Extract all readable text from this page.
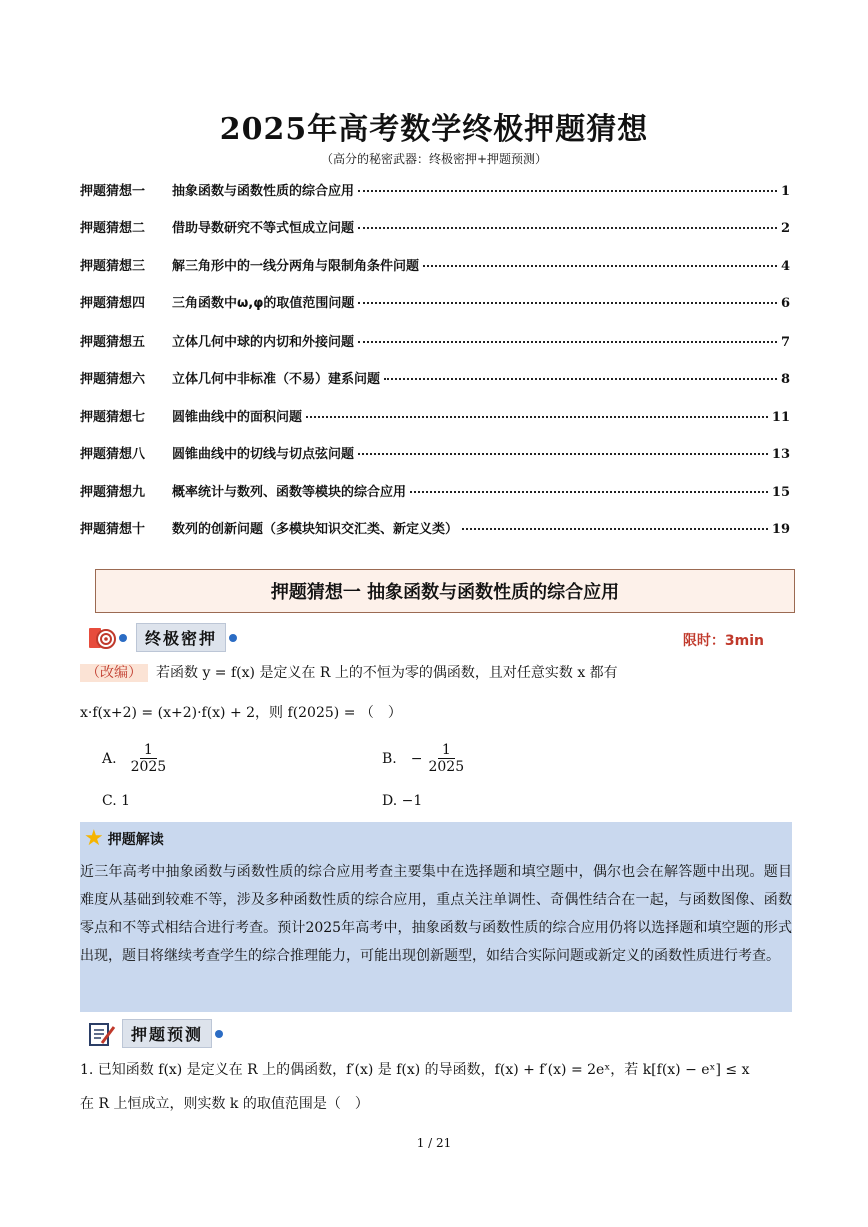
2025年高考数学终极押题猜想
（高分的秘密武器：终极密押+押题预测）
押题猜想一	抽象函数与函数性质的综合应用	1
押题猜想二	借助导数研究不等式恒成立问题	2
押题猜想三	解三角形中的一线分两角与限制角条件问题	4
押题猜想四	三角函数中ω,φ的取值范围问题	6
押题猜想五	立体几何中球的内切和外接问题	7
押题猜想六	立体几何中非标准（不易）建系问题	8
押题猜想七	圆锥曲线中的面积问题	11
押题猜想八	圆锥曲线中的切线与切点弦问题	13
押题猜想九	概率统计与数列、函数等模块的综合应用	15
押题猜想十	数列的创新问题（多模块知识交汇类、新定义类）	19
押题猜想一 抽象函数与函数性质的综合应用
终极密押	限时：3min
（改编） 若函数 y = f(x) 是定义在 R 上的不恒为零的偶函数，且对任意实数 x 都有
x·f(x+2) = (x+2)·f(x) + 2，则 f(2025) = （　）
A. $\frac{1}{2025}$	B. − $\frac{1}{2025}$
C. 1	D. −1
★ 押题解读
近三年高考中抽象函数与函数性质的综合应用考查主要集中在选择题和填空题中，偶尔也会在解答题中出现。题目难度从基础到较难不等，涉及多种函数性质的综合应用，重点关注单调性、奇偶性结合在一起，与函数图像、函数零点和不等式相结合进行考查。预计2025年高考中，抽象函数与函数性质的综合应用仍将以选择题和填空题的形式出现，题目将继续考查学生的综合推理能力，可能出现创新题型，如结合实际问题或新定义的函数性质进行考查。
押题预测
1. 已知函数 f(x) 是定义在 R 上的偶函数，f′(x) 是 f(x) 的导函数，f(x) + f′(x) = 2eˣ，若 k[f(x) − eˣ] ≤ x
在 R 上恒成立，则实数 k 的取值范围是（　）
1 / 21
